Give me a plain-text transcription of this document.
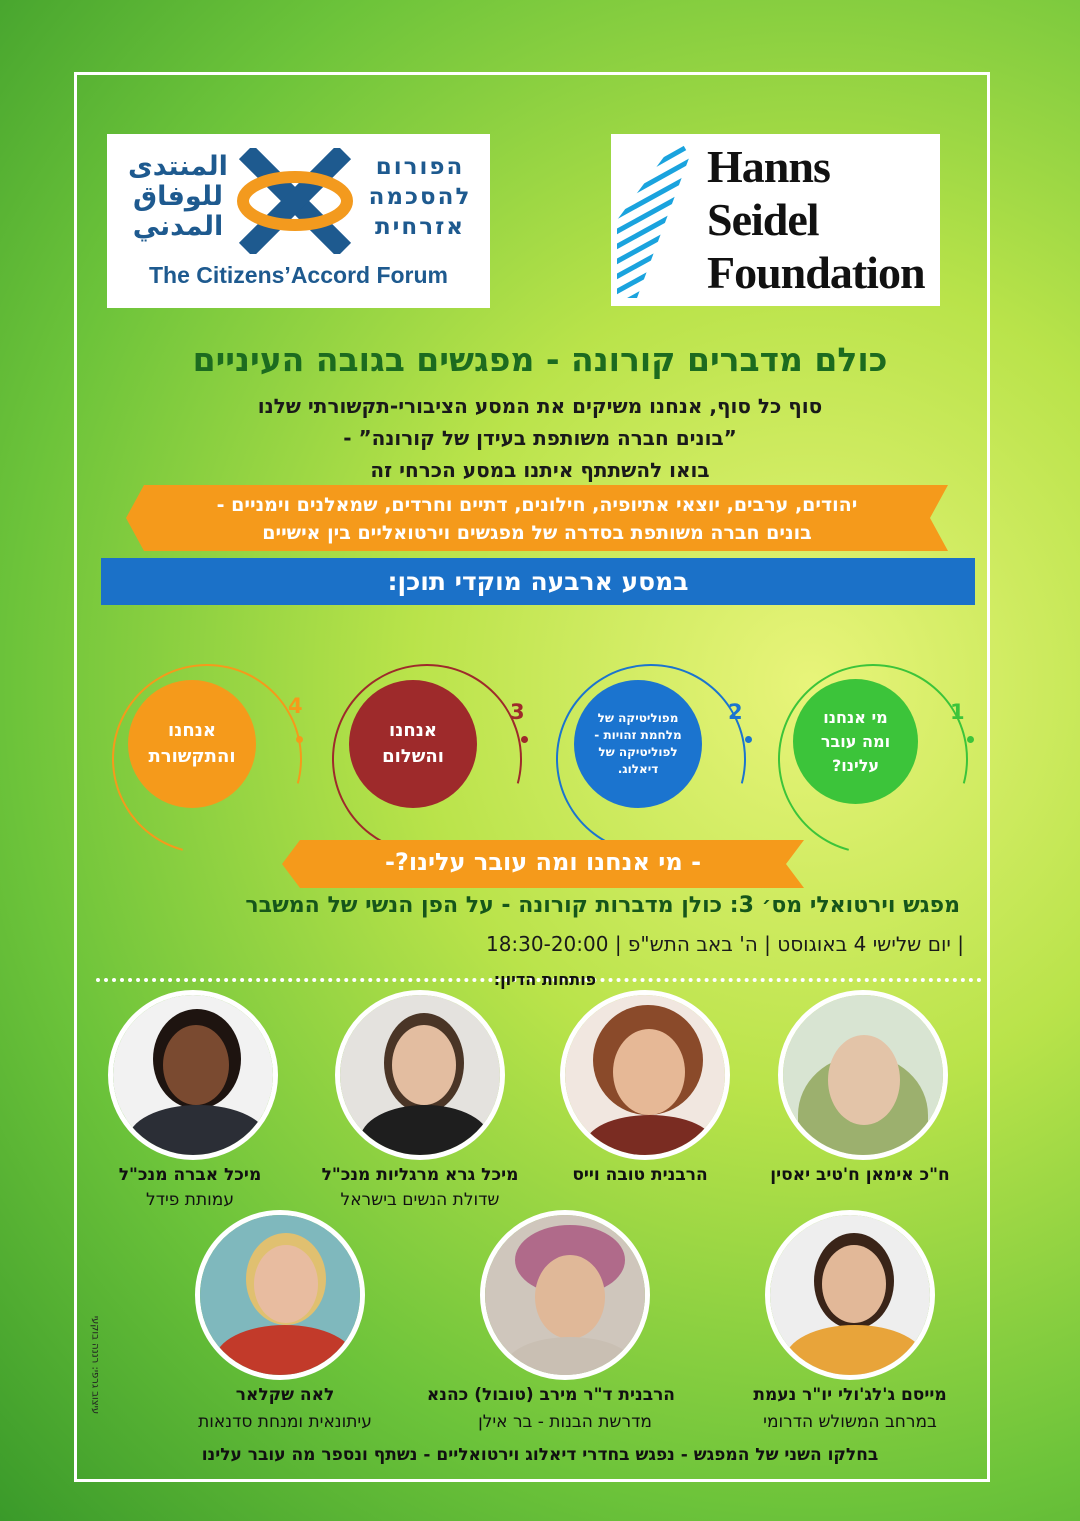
المنتدى
للوفاق
المدني
הפורום
להסכמה
אזרחית
The Citizens’Accord Forum
Hanns
Seidel
Foundation
כולם מדברים קורונה - מפגשים בגובה העיניים
סוף כל סוף, אנחנו משיקים את המסע הציבורי-תקשורתי שלנו
”בונים חברה משותפת בעידן של קורונה” -
בואו להשתתף איתנו במסע הכרחי זה
יהודים, ערבים, יוצאי אתיופיה, חילונים, דתיים וחרדים, שמאלנים וימניים -
בונים חברה משותפת בסדרה של מפגשים וירטואליים בין אישיים
במסע ארבעה מוקדי תוכן:
מי אנחנו ומה עובר עלינו?
1
מפוליטיקה של מלחמת זהויות - לפוליטיקה של דיאלוג.
2
אנחנו והשלום
3
אנחנו והתקשורת
4
- מי אנחנו ומה עובר עלינו?-
מפגש וירטואלי מס׳ 3: כולן מדברות קורונה - על הפן הנשי של המשבר
| יום שלישי 4 באוגוסט | ה' באב התש"פ | 18:30-20:00
פותחות הדיון:
ח"כ אימאן ח'טיב יאסין
הרבנית טובה וייס
מיכל גרא מרגליות מנכ"ל
שדולת הנשים בישראל
מיכל אברה מנכ"ל
עמותת פידל
מייסם ג'לג'ולי יו"ר נעמת
במרחב המשולש הדרומי
הרבנית ד"ר מירב (טובול) כהנא
מדרשת הבנות - בר אילן
לאה שקלאר
עיתונאית ומנחת סדנאות
עיצוב גרפי: רננה בוקעי
בחלקו השני של המפגש - נפגש בחדרי דיאלוג וירטואליים - נשתף ונספר מה עובר עלינו
